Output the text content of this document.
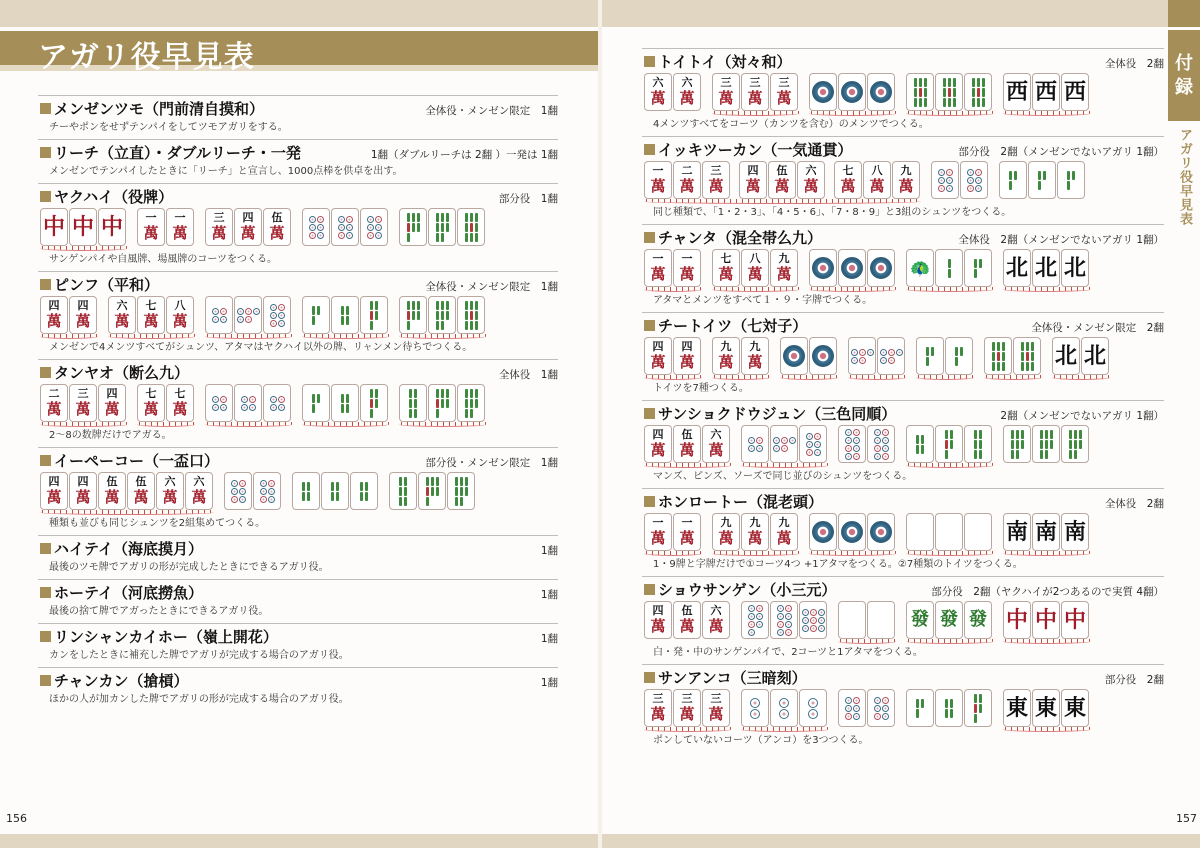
アガリ役早見表	付
録
アガリ役早見表
メンゼンツモ（門前清自摸和）	全体役・メンゼン限定　1翻
チーやポンをせずテンパイをしてツモアガリをする。
リーチ（立直）・ダブルリーチ・一発	1翻（ダブルリーチは 2翻 ）一発は 1翻
メンゼンでテンパイしたときに「リーチ」と宣言し、1000点棒を供卓を出す。
ヤクハイ（役牌）	部分役　1翻
中 中 中 一
萬
一
萬
三
萬
四
萬
伍
萬
サンゲンパイや自風牌、場風牌のコーツをつくる。
ピンフ（平和）	全体役・メンゼン限定　1翻
四
萬
四
萬
六
萬
七
萬
八
萬
メンゼンで4メンツすべてがシュンツ、アタマはヤクハイ以外の牌、リャンメン待ちでつくる。
タンヤオ（断么九）	全体役　1翻
二
萬
三
萬
四
萬
七
萬
七
萬
2～8の数牌だけでアガる。
イーペーコー（一盃口）	部分役・メンゼン限定　1翻
四
萬
四
萬
伍
萬
伍
萬
六
萬
六
萬
種類も並びも同じシュンツを2組集めてつくる。
ハイテイ（海底摸月）	1翻
最後のツモ牌でアガリの形が完成したときにできるアガリ役。
ホーテイ（河底撈魚）	1翻
最後の捨て牌でアガったときにできるアガリ役。
リンシャンカイホー（嶺上開花）	1翻
カンをしたときに補充した牌でアガリが完成する場合のアガリ役。
チャンカン（搶槓）	1翻
ほかの人が加カンした牌でアガリの形が完成する場合のアガリ役。
トイトイ（対々和）	全体役　2翻
六
萬
六
萬
三
萬
三
萬
三
萬	西 西 西
4メンツすべてをコーツ（カンツを含む）のメンツでつくる。
イッキツーカン（一気通貫）	部分役　2翻（メンゼンでないアガリ 1翻）
一
萬
二
萬
三
萬
四
萬
伍
萬
六
萬
七
萬
八
萬
九
萬
同じ種類で、「1・2・3」、「4・5・6」、「7・8・9」と3組のシュンツをつくる。
チャンタ（混全帯么九）	全体役　2翻（メンゼンでないアガリ 1翻）
一
萬
一
萬
七
萬
八
萬
九
萬	🦚	北 北 北
アタマとメンツをすべて１・９・字牌でつくる。
チートイツ（七対子）	全体役・メンゼン限定　2翻
四
萬
四
萬
九
萬
九
萬	北 北
トイツを7種つくる。
サンショクドウジュン（三色同順）	2翻（メンゼンでないアガリ 1翻）
四
萬
伍
萬
六
萬
マンズ、ピンズ、ソーズで同じ並びのシュンツをつくる。
ホンロートー（混老頭）	全体役　2翻
一
萬
一
萬
九
萬
九
萬
九
萬	南 南 南
1・9牌と字牌だけで①コーツ4つ +1アタマをつくる。②7種類のトイツをつくる。
ショウサンゲン（小三元）	部分役　2翻（ヤクハイが2つあるので実質 4翻）
四
萬
伍
萬
六
萬	發 發 發 中 中 中
白・発・中のサンゲンパイで、2コーツと1アタマをつくる。
サンアンコ（三暗刻）	部分役　2翻
三
萬
三
萬
三
萬	東 東 東
ポンしていないコーツ（アンコ）を3つつくる。
156	157
